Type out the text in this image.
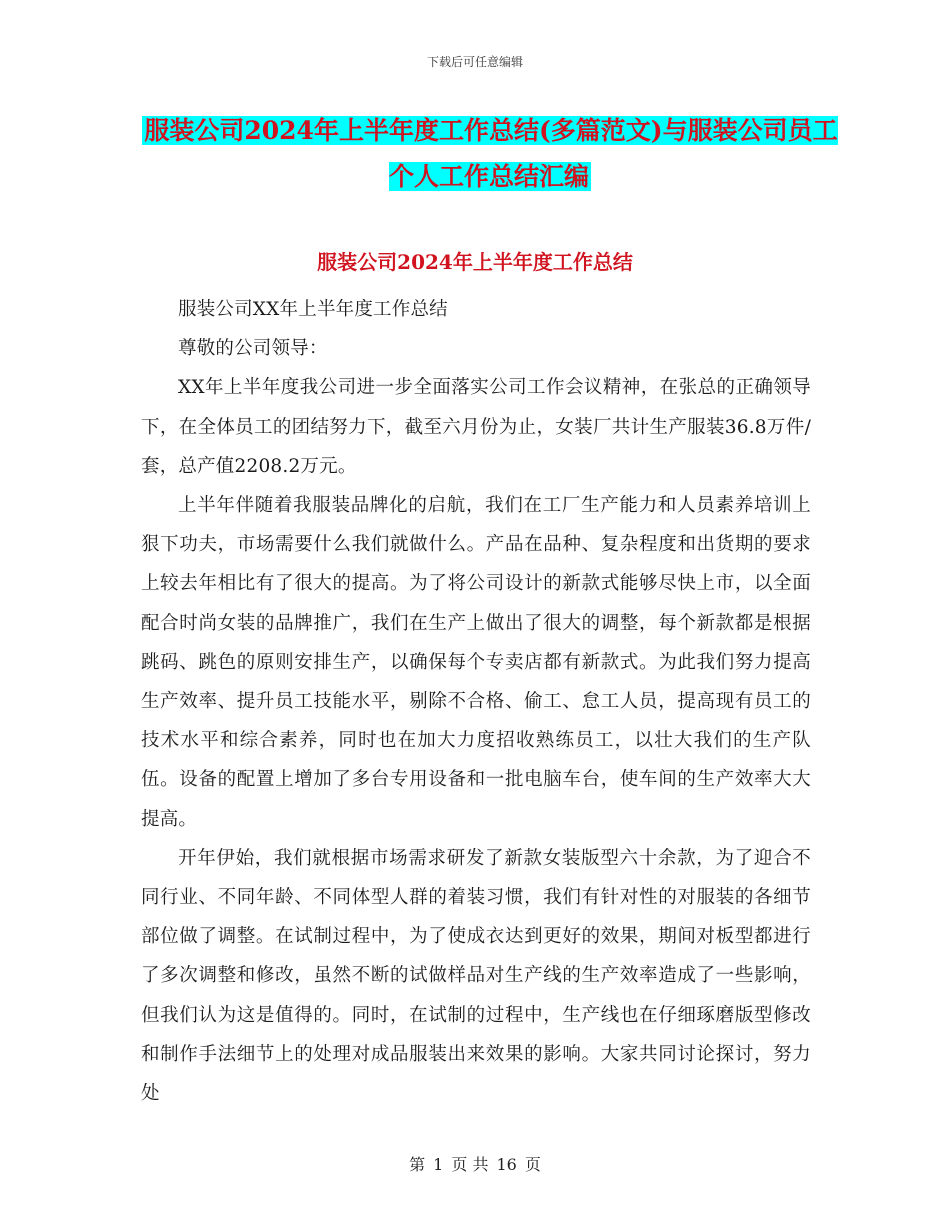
下载后可任意编辑
服装公司2024年上半年度工作总结(多篇范文)与服装公司员工个人工作总结汇编
服装公司2024年上半年度工作总结

服装公司XX年上半年度工作总结

尊敬的公司领导：

XX年上半年度我公司进一步全面落实公司工作会议精神，在张总的正确领导下，在全体员工的团结努力下，截至六月份为止，女装厂共计生产服装36.8万件/套，总产值2208.2万元。

上半年伴随着我服装品牌化的启航，我们在工厂生产能力和人员素养培训上狠下功夫，市场需要什么我们就做什么。产品在品种、复杂程度和出货期的要求上较去年相比有了很大的提高。为了将公司设计的新款式能够尽快上市，以全面配合时尚女装的品牌推广，我们在生产上做出了很大的调整，每个新款都是根据跳码、跳色的原则安排生产，以确保每个专卖店都有新款式。为此我们努力提高生产效率、提升员工技能水平，剔除不合格、偷工、怠工人员，提高现有员工的技术水平和综合素养，同时也在加大力度招收熟练员工，以壮大我们的生产队伍。设备的配置上增加了多台专用设备和一批电脑车台，使车间的生产效率大大提高。

开年伊始，我们就根据市场需求研发了新款女装版型六十余款，为了迎合不同行业、不同年龄、不同体型人群的着装习惯，我们有针对性的对服装的各细节部位做了调整。在试制过程中，为了使成衣达到更好的效果，期间对板型都进行了多次调整和修改，虽然不断的试做样品对生产线的生产效率造成了一些影响，但我们认为这是值得的。同时，在试制的过程中，生产线也在仔细琢磨版型修改和制作手法细节上的处理对成品服装出来效果的影响。大家共同讨论探讨，努力处

第 1 页 共 16 页
